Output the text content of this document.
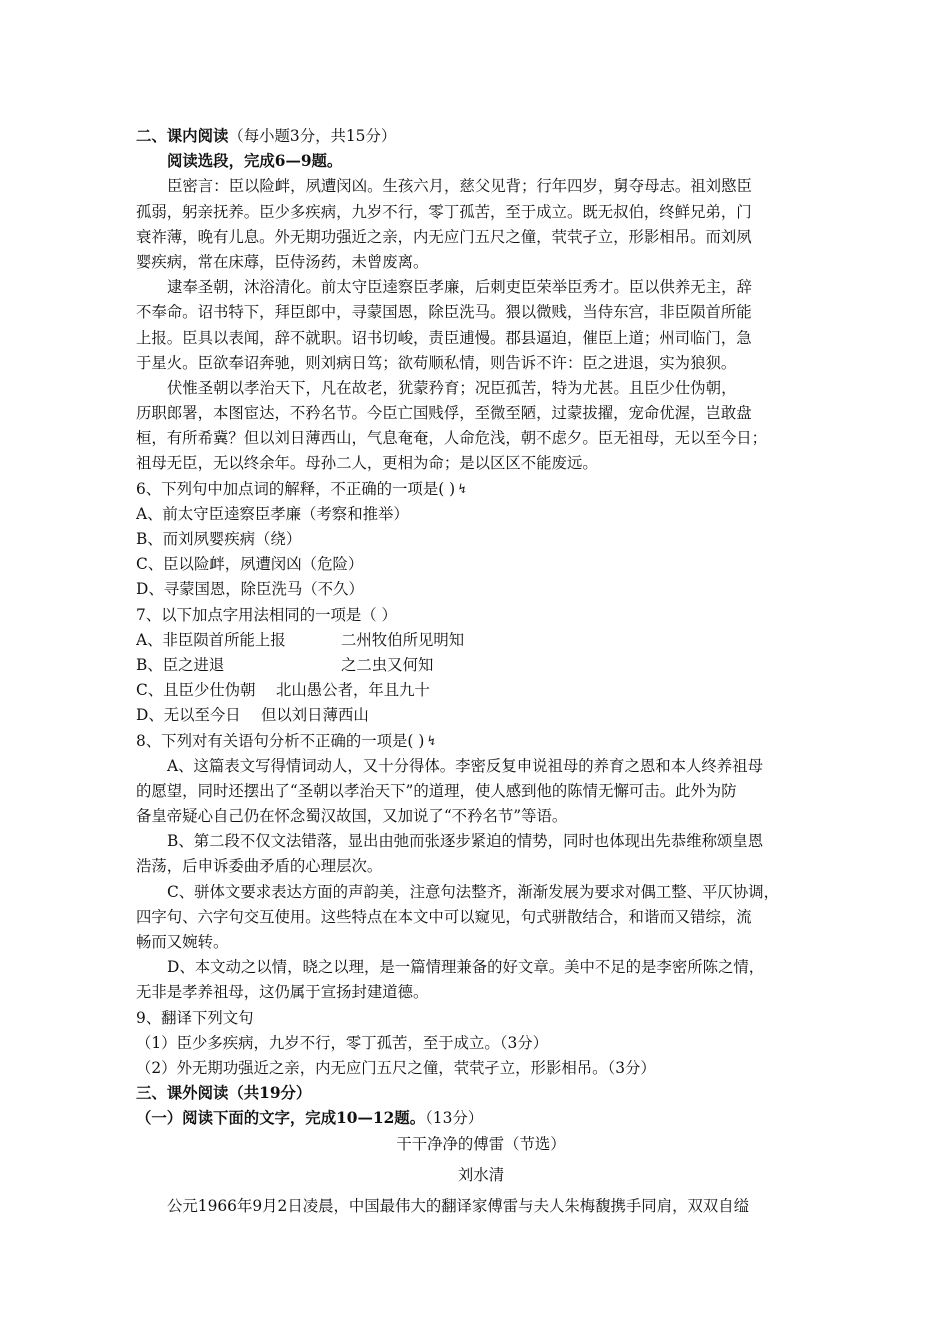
二、课内阅读（每小题3分，共15分）
阅读选段，完成6—9题。
臣密言：臣以险衅，夙遭闵凶。生孩六月，慈父见背；行年四岁，舅夺母志。祖刘愍臣
孤弱，躬亲抚养。臣少多疾病，九岁不行，零丁孤苦，至于成立。既无叔伯，终鲜兄弟，门
衰祚薄，晚有儿息。外无期功强近之亲，内无应门五尺之僮，茕茕孑立，形影相吊。而刘夙
婴疾病，常在床蓐，臣侍汤药，未曾废离。
逮奉圣朝，沐浴清化。前太守臣逵察臣孝廉，后刺吏臣荣举臣秀才。臣以供养无主，辞
不奉命。诏书特下，拜臣郎中，寻蒙国恩，除臣洗马。猥以微贱，当侍东宫，非臣陨首所能
上报。臣具以表闻，辞不就职。诏书切峻，责臣逋慢。郡县逼迫，催臣上道；州司临门，急
于星火。臣欲奉诏奔驰，则刘病日笃；欲苟顺私情，则告诉不许：臣之进退，实为狼狈。
伏惟圣朝以孝治天下，凡在故老，犹蒙矜育；况臣孤苦，特为尤甚。且臣少仕伪朝，
历职郎署，本图宦达，不矜名节。今臣亡国贱俘，至微至陋，过蒙拔擢，宠命优渥，岂敢盘
桓，有所希冀？但以刘日薄西山，气息奄奄，人命危浅，朝不虑夕。臣无祖母，无以至今日；
祖母无臣，无以终余年。母孙二人，更相为命；是以区区不能废远。
6、下列句中加点词的解释，不正确的一项是( ) ↯
A、前太守臣逵察臣孝廉（考察和推举）
B、而刘夙婴疾病（绕）
C、臣以险衅，夙遭闵凶（危险）
D、寻蒙国恩，除臣洗马（不久）
7、以下加点字用法相同的一项是（ ）
A、非臣陨首所能上报	二州牧伯所见明知
B、臣之进退	之二虫又何知
C、且臣少仕伪朝 北山愚公者，年且九十
D、无以至今日 但以刘日薄西山
8、下列对有关语句分析不正确的一项是( ) ↯
A、这篇表文写得情词动人，又十分得体。李密反复申说祖母的养育之恩和本人终养祖母
的愿望，同时还摆出了“圣朝以孝治天下”的道理，使人感到他的陈情无懈可击。此外为防
备皇帝疑心自己仍在怀念蜀汉故国，又加说了“不矜名节”等语。
B、第二段不仅文法错落，显出由弛而张逐步紧迫的情势，同时也体现出先恭维称颂皇恩
浩荡，后申诉委曲矛盾的心理层次。
C、骈体文要求表达方面的声韵美，注意句法整齐，渐渐发展为要求对偶工整、平仄协调，
四字句、六字句交互使用。这些特点在本文中可以窥见，句式骈散结合，和谐而又错综，流
畅而又婉转。
D、本文动之以情，晓之以理，是一篇情理兼备的好文章。美中不足的是李密所陈之情，
无非是孝养祖母，这仍属于宣扬封建道德。
9、翻译下列文句
（1）臣少多疾病，九岁不行，零丁孤苦，至于成立。（3分）
（2）外无期功强近之亲，内无应门五尺之僮，茕茕孑立，形影相吊。（3分）
三、课外阅读（共19分）
（一）阅读下面的文字，完成10—12题。（13分）
干干净净的傅雷（节选）
刘水清
公元1966年9月2日凌晨，中国最伟大的翻译家傅雷与夫人朱梅馥携手同肩，双双自缢
